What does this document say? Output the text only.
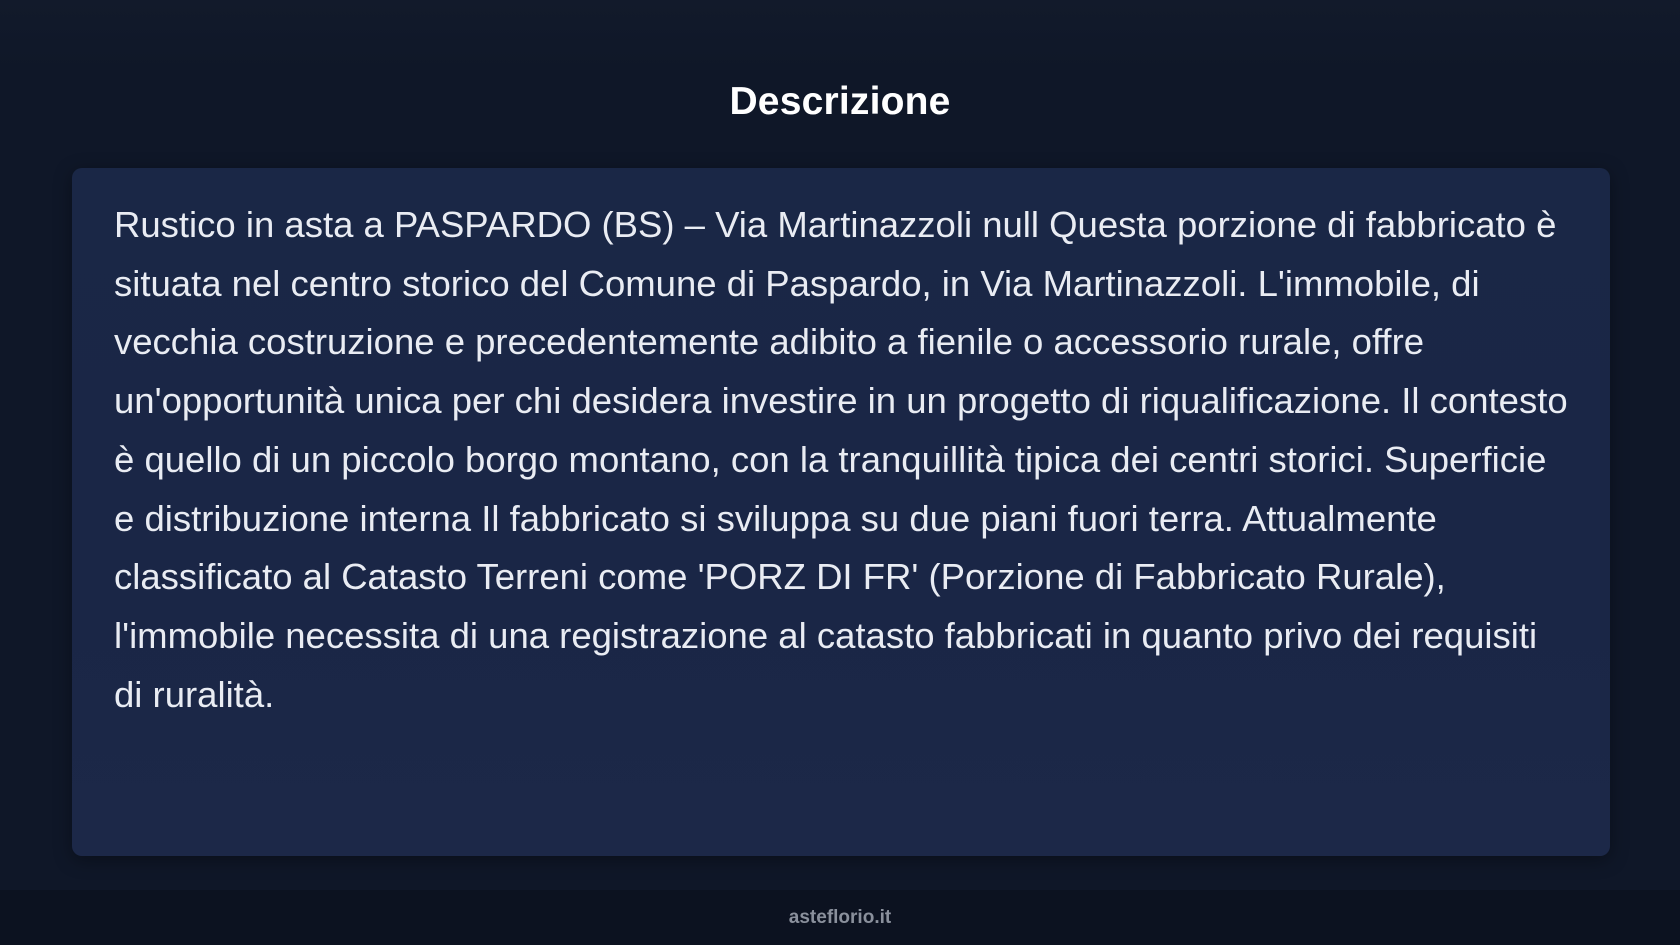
Descrizione

Rustico in asta a PASPARDO (BS) – Via Martinazzoli null Questa porzione di fabbricato è situata nel centro storico del Comune di Paspardo, in Via Martinazzoli. L'immobile, di vecchia costruzione e precedentemente adibito a fienile o accessorio rurale, offre un'opportunità unica per chi desidera investire in un progetto di riqualificazione. Il contesto è quello di un piccolo borgo montano, con la tranquillità tipica dei centri storici. Superficie e distribuzione interna Il fabbricato si sviluppa su due piani fuori terra. Attualmente classificato al Catasto Terreni come 'PORZ DI FR' (Porzione di Fabbricato Rurale), l'immobile necessita di una registrazione al catasto fabbricati in quanto privo dei requisiti di ruralità.

asteflorio.it
